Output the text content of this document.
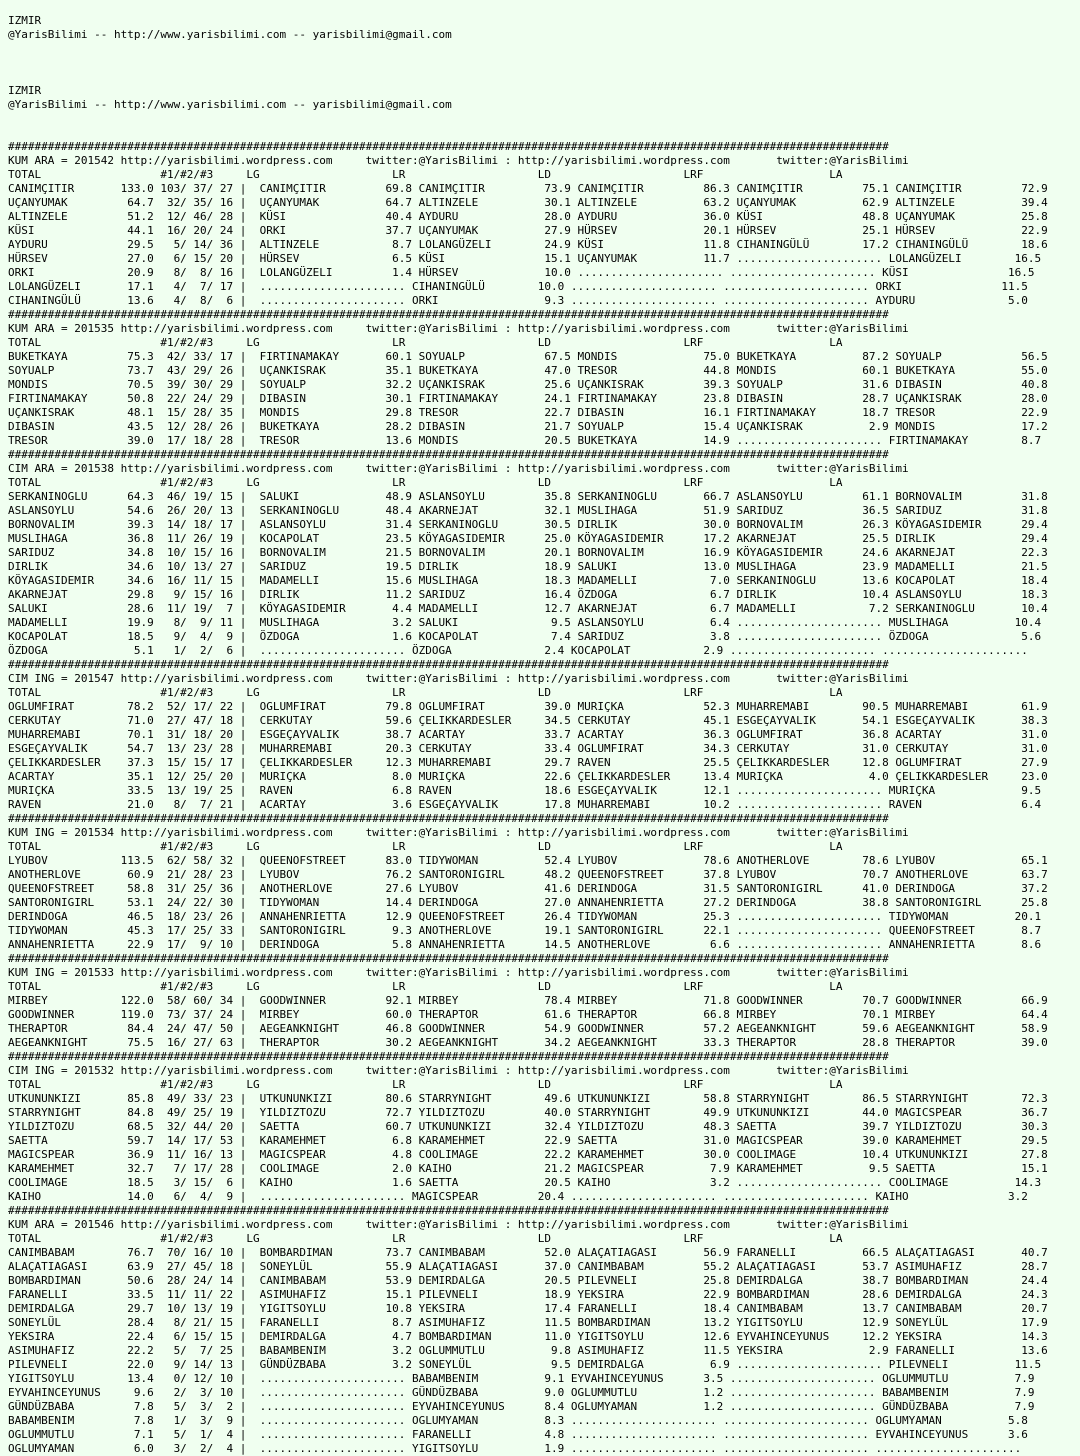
IZMIR
@YarisBilimi -- http://www.yarisbilimi.com -- yarisbilimi@gmail.com
IZMIR
@YarisBilimi -- http://www.yarisbilimi.com -- yarisbilimi@gmail.com
#####################################################################################################################################
KUM ARA = 201542 http://yarisbilimi.wordpress.com     twitter:@YarisBilimi : http://yarisbilimi.wordpress.com       twitter:@YarisBilimi
TOTAL                  #1/#2/#3     LG                    LR                    LD                    LRF                   LA
CANIMÇITIR       133.0 103/ 37/ 27 |  CANIMÇITIR         69.8 CANIMÇITIR         73.9 CANIMÇITIR         86.3 CANIMÇITIR         75.1 CANIMÇITIR         72.9
UÇANYUMAK         64.7  32/ 35/ 16 |  UÇANYUMAK          64.7 ALTINZELE          30.1 ALTINZELE          63.2 UÇANYUMAK          62.9 ALTINZELE          39.4
ALTINZELE         51.2  12/ 46/ 28 |  KÜSI               40.4 AYDURU             28.0 AYDURU             36.0 KÜSI               48.8 UÇANYUMAK          25.8
KÜSI              44.1  16/ 20/ 24 |  ORKI               37.7 UÇANYUMAK          27.9 HÜRSEV             20.1 HÜRSEV             25.1 HÜRSEV             22.9
AYDURU            29.5   5/ 14/ 36 |  ALTINZELE           8.7 LOLANGÜZELI        24.9 KÜSI               11.8 CIHANINGÜLÜ        17.2 CIHANINGÜLÜ        18.6
HÜRSEV            27.0   6/ 15/ 20 |  HÜRSEV              6.5 KÜSI               15.1 UÇANYUMAK          11.7 ...................... LOLANGÜZELI        16.5
ORKI              20.9   8/  8/ 16 |  LOLANGÜZELI         1.4 HÜRSEV             10.0 ...................... ...................... KÜSI               16.5
LOLANGÜZELI       17.1   4/  7/ 17 |  ...................... CIHANINGÜLÜ        10.0 ...................... ...................... ORKI               11.5
CIHANINGÜLÜ       13.6   4/  8/  6 |  ...................... ORKI                9.3 ...................... ...................... AYDURU              5.0
#####################################################################################################################################
KUM ARA = 201535 http://yarisbilimi.wordpress.com     twitter:@YarisBilimi : http://yarisbilimi.wordpress.com       twitter:@YarisBilimi
TOTAL                  #1/#2/#3     LG                    LR                    LD                    LRF                   LA
BUKETKAYA         75.3  42/ 33/ 17 |  FIRTINAMAKAY       60.1 SOYUALP            67.5 MONDIS             75.0 BUKETKAYA          87.2 SOYUALP            56.5
SOYUALP           73.7  43/ 29/ 26 |  UÇANKISRAK         35.1 BUKETKAYA          47.0 TRESOR             44.8 MONDIS             60.1 BUKETKAYA          55.0
MONDIS            70.5  39/ 30/ 29 |  SOYUALP            32.2 UÇANKISRAK         25.6 UÇANKISRAK         39.3 SOYUALP            31.6 DIBASIN            40.8
FIRTINAMAKAY      50.8  22/ 24/ 29 |  DIBASIN            30.1 FIRTINAMAKAY       24.1 FIRTINAMAKAY       23.8 DIBASIN            28.7 UÇANKISRAK         28.0
UÇANKISRAK        48.1  15/ 28/ 35 |  MONDIS             29.8 TRESOR             22.7 DIBASIN            16.1 FIRTINAMAKAY       18.7 TRESOR             22.9
DIBASIN           43.5  12/ 28/ 26 |  BUKETKAYA          28.2 DIBASIN            21.7 SOYUALP            15.4 UÇANKISRAK          2.9 MONDIS             17.2
TRESOR            39.0  17/ 18/ 28 |  TRESOR             13.6 MONDIS             20.5 BUKETKAYA          14.9 ...................... FIRTINAMAKAY        8.7
#####################################################################################################################################
CIM ARA = 201538 http://yarisbilimi.wordpress.com     twitter:@YarisBilimi : http://yarisbilimi.wordpress.com       twitter:@YarisBilimi
TOTAL                  #1/#2/#3     LG                    LR                    LD                    LRF                   LA
SERKANINOGLU      64.3  46/ 19/ 15 |  SALUKI             48.9 ASLANSOYLU         35.8 SERKANINOGLU       66.7 ASLANSOYLU         61.1 BORNOVALIM         31.8
ASLANSOYLU        54.6  26/ 20/ 13 |  SERKANINOGLU       48.4 AKARNEJAT          32.1 MUSLIHAGA          51.9 SARIDUZ            36.5 SARIDUZ            31.8
BORNOVALIM        39.3  14/ 18/ 17 |  ASLANSOYLU         31.4 SERKANINOGLU       30.5 DIRLIK             30.0 BORNOVALIM         26.3 KÖYAGASIDEMIR      29.4
MUSLIHAGA         36.8  11/ 26/ 19 |  KOCAPOLAT          23.5 KÖYAGASIDEMIR      25.0 KÖYAGASIDEMIR      17.2 AKARNEJAT          25.5 DIRLIK             29.4
SARIDUZ           34.8  10/ 15/ 16 |  BORNOVALIM         21.5 BORNOVALIM         20.1 BORNOVALIM         16.9 KÖYAGASIDEMIR      24.6 AKARNEJAT          22.3
DIRLIK            34.6  10/ 13/ 27 |  SARIDUZ            19.5 DIRLIK             18.9 SALUKI             13.0 MUSLIHAGA          23.9 MADAMELLI          21.5
KÖYAGASIDEMIR     34.6  16/ 11/ 15 |  MADAMELLI          15.6 MUSLIHAGA          18.3 MADAMELLI           7.0 SERKANINOGLU       13.6 KOCAPOLAT          18.4
AKARNEJAT         29.8   9/ 15/ 16 |  DIRLIK             11.2 SARIDUZ            16.4 ÖZDOGA              6.7 DIRLIK             10.4 ASLANSOYLU         18.3
SALUKI            28.6  11/ 19/  7 |  KÖYAGASIDEMIR       4.4 MADAMELLI          12.7 AKARNEJAT           6.7 MADAMELLI           7.2 SERKANINOGLU       10.4
MADAMELLI         19.9   8/  9/ 11 |  MUSLIHAGA           3.2 SALUKI              9.5 ASLANSOYLU          6.4 ...................... MUSLIHAGA          10.4
KOCAPOLAT         18.5   9/  4/  9 |  ÖZDOGA              1.6 KOCAPOLAT           7.4 SARIDUZ             3.8 ...................... ÖZDOGA              5.6
ÖZDOGA             5.1   1/  2/  6 |  ...................... ÖZDOGA              2.4 KOCAPOLAT           2.9 ...................... ......................
#####################################################################################################################################
CIM ING = 201547 http://yarisbilimi.wordpress.com     twitter:@YarisBilimi : http://yarisbilimi.wordpress.com       twitter:@YarisBilimi
TOTAL                  #1/#2/#3     LG                    LR                    LD                    LRF                   LA
OGLUMFIRAT        78.2  52/ 17/ 22 |  OGLUMFIRAT         79.8 OGLUMFIRAT         39.0 MURIÇKA            52.3 MUHARREMABI        90.5 MUHARREMABI        61.9
CERKUTAY          71.0  27/ 47/ 18 |  CERKUTAY           59.6 ÇELIKKARDESLER     34.5 CERKUTAY           45.1 ESGEÇAYVALIK       54.1 ESGEÇAYVALIK       38.3
MUHARREMABI       70.1  31/ 18/ 20 |  ESGEÇAYVALIK       38.7 ACARTAY            33.7 ACARTAY            36.3 OGLUMFIRAT         36.8 ACARTAY            31.0
ESGEÇAYVALIK      54.7  13/ 23/ 28 |  MUHARREMABI        20.3 CERKUTAY           33.4 OGLUMFIRAT         34.3 CERKUTAY           31.0 CERKUTAY           31.0
ÇELIKKARDESLER    37.3  15/ 15/ 17 |  ÇELIKKARDESLER     12.3 MUHARREMABI        29.7 RAVEN              25.5 ÇELIKKARDESLER     12.8 OGLUMFIRAT         27.9
ACARTAY           35.1  12/ 25/ 20 |  MURIÇKA             8.0 MURIÇKA            22.6 ÇELIKKARDESLER     13.4 MURIÇKA             4.0 ÇELIKKARDESLER     23.0
MURIÇKA           33.5  13/ 19/ 25 |  RAVEN               6.8 RAVEN              18.6 ESGEÇAYVALIK       12.1 ...................... MURIÇKA             9.5
RAVEN             21.0   8/  7/ 21 |  ACARTAY             3.6 ESGEÇAYVALIK       17.8 MUHARREMABI        10.2 ...................... RAVEN               6.4
#####################################################################################################################################
KUM ING = 201534 http://yarisbilimi.wordpress.com     twitter:@YarisBilimi : http://yarisbilimi.wordpress.com       twitter:@YarisBilimi
TOTAL                  #1/#2/#3     LG                    LR                    LD                    LRF                   LA
LYUBOV           113.5  62/ 58/ 32 |  QUEENOFSTREET      83.0 TIDYWOMAN          52.4 LYUBOV             78.6 ANOTHERLOVE        78.6 LYUBOV             65.1
ANOTHERLOVE       60.9  21/ 28/ 23 |  LYUBOV             76.2 SANTORONIGIRL      48.2 QUEENOFSTREET      37.8 LYUBOV             70.7 ANOTHERLOVE        63.7
QUEENOFSTREET     58.8  31/ 25/ 36 |  ANOTHERLOVE        27.6 LYUBOV             41.6 DERINDOGA          31.5 SANTORONIGIRL      41.0 DERINDOGA          37.2
SANTORONIGIRL     53.1  24/ 22/ 30 |  TIDYWOMAN          14.4 DERINDOGA          27.0 ANNAHENRIETTA      27.2 DERINDOGA          38.8 SANTORONIGIRL      25.8
DERINDOGA         46.5  18/ 23/ 26 |  ANNAHENRIETTA      12.9 QUEENOFSTREET      26.4 TIDYWOMAN          25.3 ...................... TIDYWOMAN          20.1
TIDYWOMAN         45.3  17/ 25/ 33 |  SANTORONIGIRL       9.3 ANOTHERLOVE        19.1 SANTORONIGIRL      22.1 ...................... QUEENOFSTREET       8.7
ANNAHENRIETTA     22.9  17/  9/ 10 |  DERINDOGA           5.8 ANNAHENRIETTA      14.5 ANOTHERLOVE         6.6 ...................... ANNAHENRIETTA       8.6
#####################################################################################################################################
KUM ING = 201533 http://yarisbilimi.wordpress.com     twitter:@YarisBilimi : http://yarisbilimi.wordpress.com       twitter:@YarisBilimi
TOTAL                  #1/#2/#3     LG                    LR                    LD                    LRF                   LA
MIRBEY           122.0  58/ 60/ 34 |  GOODWINNER         92.1 MIRBEY             78.4 MIRBEY             71.8 GOODWINNER         70.7 GOODWINNER         66.9
GOODWINNER       119.0  73/ 37/ 24 |  MIRBEY             60.0 THERAPTOR          61.6 THERAPTOR          66.8 MIRBEY             70.1 MIRBEY             64.4
THERAPTOR         84.4  24/ 47/ 50 |  AEGEANKNIGHT       46.8 GOODWINNER         54.9 GOODWINNER         57.2 AEGEANKNIGHT       59.6 AEGEANKNIGHT       58.9
AEGEANKNIGHT      75.5  16/ 27/ 63 |  THERAPTOR          30.2 AEGEANKNIGHT       34.2 AEGEANKNIGHT       33.3 THERAPTOR          28.8 THERAPTOR          39.0
#####################################################################################################################################
CIM ING = 201532 http://yarisbilimi.wordpress.com     twitter:@YarisBilimi : http://yarisbilimi.wordpress.com       twitter:@YarisBilimi
TOTAL                  #1/#2/#3     LG                    LR                    LD                    LRF                   LA
UTKUNUNKIZI       85.8  49/ 33/ 23 |  UTKUNUNKIZI        80.6 STARRYNIGHT        49.6 UTKUNUNKIZI        58.8 STARRYNIGHT        86.5 STARRYNIGHT        72.3
STARRYNIGHT       84.8  49/ 25/ 19 |  YILDIZTOZU         72.7 YILDIZTOZU         40.0 STARRYNIGHT        49.9 UTKUNUNKIZI        44.0 MAGICSPEAR         36.7
YILDIZTOZU        68.5  32/ 44/ 20 |  SAETTA             60.7 UTKUNUNKIZI        32.4 YILDIZTOZU         48.3 SAETTA             39.7 YILDIZTOZU         30.3
SAETTA            59.7  14/ 17/ 53 |  KARAMEHMET          6.8 KARAMEHMET         22.9 SAETTA             31.0 MAGICSPEAR         39.0 KARAMEHMET         29.5
MAGICSPEAR        36.9  11/ 16/ 13 |  MAGICSPEAR          4.8 COOLIMAGE          22.2 KARAMEHMET         30.0 COOLIMAGE          10.4 UTKUNUNKIZI        27.8
KARAMEHMET        32.7   7/ 17/ 28 |  COOLIMAGE           2.0 KAIHO              21.2 MAGICSPEAR          7.9 KARAMEHMET          9.5 SAETTA             15.1
COOLIMAGE         18.5   3/ 15/  6 |  KAIHO               1.6 SAETTA             20.5 KAIHO               3.2 ...................... COOLIMAGE          14.3
KAIHO             14.0   6/  4/  9 |  ...................... MAGICSPEAR         20.4 ...................... ...................... KAIHO               3.2
#####################################################################################################################################
KUM ARA = 201546 http://yarisbilimi.wordpress.com     twitter:@YarisBilimi : http://yarisbilimi.wordpress.com       twitter:@YarisBilimi
TOTAL                  #1/#2/#3     LG                    LR                    LD                    LRF                   LA
CANIMBABAM        76.7  70/ 16/ 10 |  BOMBARDIMAN        73.7 CANIMBABAM         52.0 ALAÇATIAGASI       56.9 FARANELLI          66.5 ALAÇATIAGASI       40.7
ALAÇATIAGASI      63.9  27/ 45/ 18 |  SONEYLÜL           55.9 ALAÇATIAGASI       37.0 CANIMBABAM         55.2 ALAÇATIAGASI       53.7 ASIMUHAFIZ         28.7
BOMBARDIMAN       50.6  28/ 24/ 14 |  CANIMBABAM         53.9 DEMIRDALGA         20.5 PILEVNELI          25.8 DEMIRDALGA         38.7 BOMBARDIMAN        24.4
FARANELLI         33.5  11/ 11/ 22 |  ASIMUHAFIZ         15.1 PILEVNELI          18.9 YEKSIRA            22.9 BOMBARDIMAN        28.6 DEMIRDALGA         24.3
DEMIRDALGA        29.7  10/ 13/ 19 |  YIGITSOYLU         10.8 YEKSIRA            17.4 FARANELLI          18.4 CANIMBABAM         13.7 CANIMBABAM         20.7
SONEYLÜL          28.4   8/ 21/ 15 |  FARANELLI           8.7 ASIMUHAFIZ         11.5 BOMBARDIMAN        13.2 YIGITSOYLU         12.9 SONEYLÜL           17.9
YEKSIRA           22.4   6/ 15/ 15 |  DEMIRDALGA          4.7 BOMBARDIMAN        11.0 YIGITSOYLU         12.6 EYVAHINCEYUNUS     12.2 YEKSIRA            14.3
ASIMUHAFIZ        22.2   5/  7/ 25 |  BABAMBENIM          3.2 OGLUMMUTLU          9.8 ASIMUHAFIZ         11.5 YEKSIRA             2.9 FARANELLI          13.6
PILEVNELI         22.0   9/ 14/ 13 |  GÜNDÜZBABA          3.2 SONEYLÜL            9.5 DEMIRDALGA          6.9 ...................... PILEVNELI          11.5
YIGITSOYLU        13.4   0/ 12/ 10 |  ...................... BABAMBENIM          9.1 EYVAHINCEYUNUS      3.5 ...................... OGLUMMUTLU          7.9
EYVAHINCEYUNUS     9.6   2/  3/ 10 |  ...................... GÜNDÜZBABA          9.0 OGLUMMUTLU          1.2 ...................... BABAMBENIM          7.9
GÜNDÜZBABA         7.8   5/  3/  2 |  ...................... EYVAHINCEYUNUS      8.4 OGLUMYAMAN          1.2 ...................... GÜNDÜZBABA          7.9
BABAMBENIM         7.8   1/  3/  9 |  ...................... OGLUMYAMAN          8.3 ...................... ...................... OGLUMYAMAN          5.8
OGLUMMUTLU         7.1   5/  1/  4 |  ...................... FARANELLI           4.8 ...................... ...................... EYVAHINCEYUNUS      3.6
OGLUMYAMAN         6.0   3/  2/  4 |  ...................... YIGITSOYLU          1.9 ...................... ...................... ......................
